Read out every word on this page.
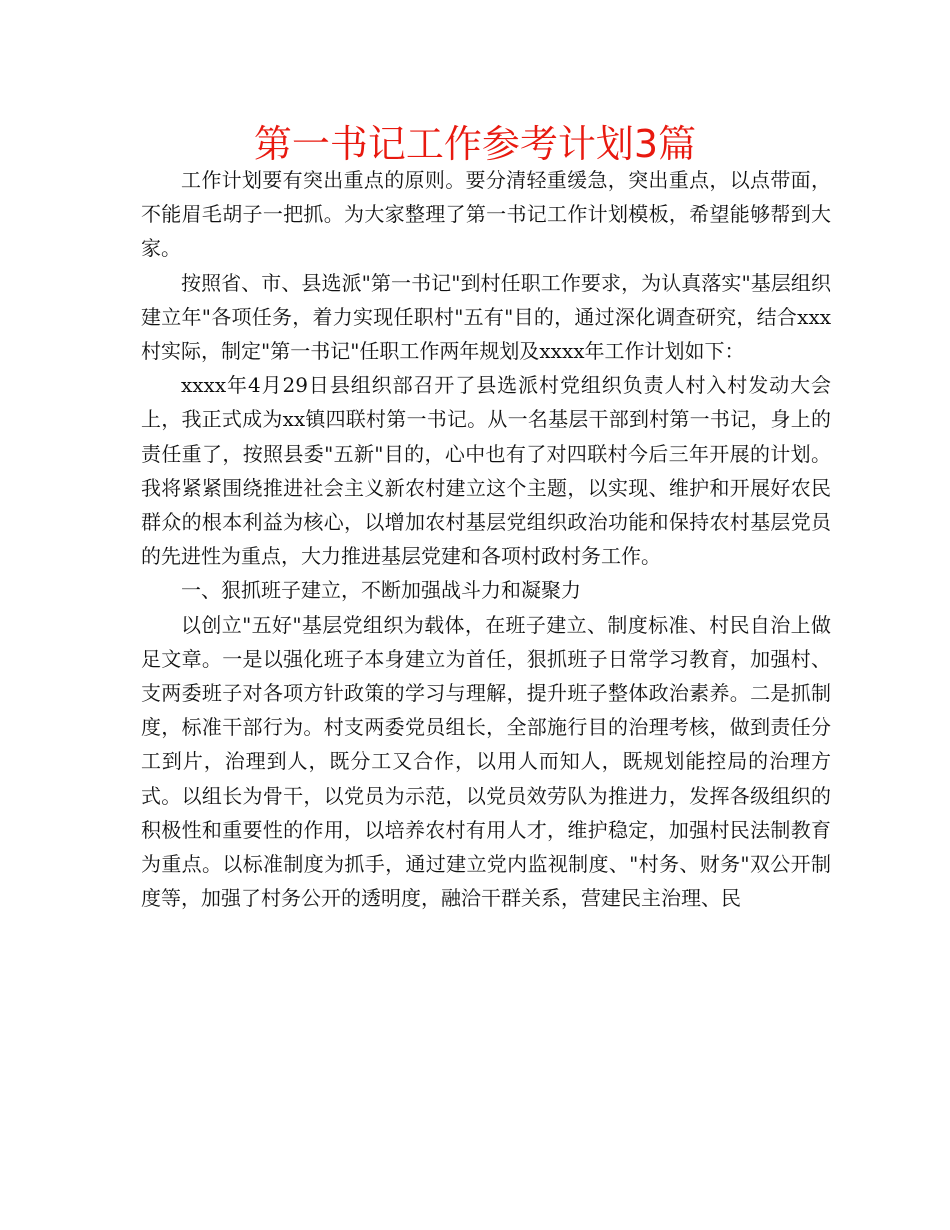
第一书记工作参考计划3篇

工作计划要有突出重点的原则。要分清轻重缓急，突出重点，以点带面，不能眉毛胡子一把抓。为大家整理了第一书记工作计划模板，希望能够帮到大家。

按照省、市、县选派"第一书记"到村任职工作要求，为认真落实"基层组织建立年"各项任务，着力实现任职村"五有"目的，通过深化调查研究，结合xxx村实际，制定"第一书记"任职工作两年规划及xxxx年工作计划如下：

xxxx年4月29日县组织部召开了县选派村党组织负责人村入村发动大会上，我正式成为xx镇四联村第一书记。从一名基层干部到村第一书记，身上的责任重了，按照县委"五新"目的，心中也有了对四联村今后三年开展的计划。我将紧紧围绕推进社会主义新农村建立这个主题，以实现、维护和开展好农民群众的根本利益为核心，以增加农村基层党组织政治功能和保持农村基层党员的先进性为重点，大力推进基层党建和各项村政村务工作。

一、狠抓班子建立，不断加强战斗力和凝聚力

以创立"五好"基层党组织为载体，在班子建立、制度标准、村民自治上做足文章。一是以强化班子本身建立为首任，狠抓班子日常学习教育，加强村、支两委班子对各项方针政策的学习与理解，提升班子整体政治素养。二是抓制度，标准干部行为。村支两委党员组长，全部施行目的治理考核，做到责任分工到片，治理到人，既分工又合作，以用人而知人，既规划能控局的治理方式。以组长为骨干，以党员为示范，以党员效劳队为推进力，发挥各级组织的积极性和重要性的作用，以培养农村有用人才，维护稳定，加强村民法制教育为重点。以标准制度为抓手，通过建立党内监视制度、"村务、财务"双公开制度等，加强了村务公开的透明度，融洽干群关系，营建民主治理、民
